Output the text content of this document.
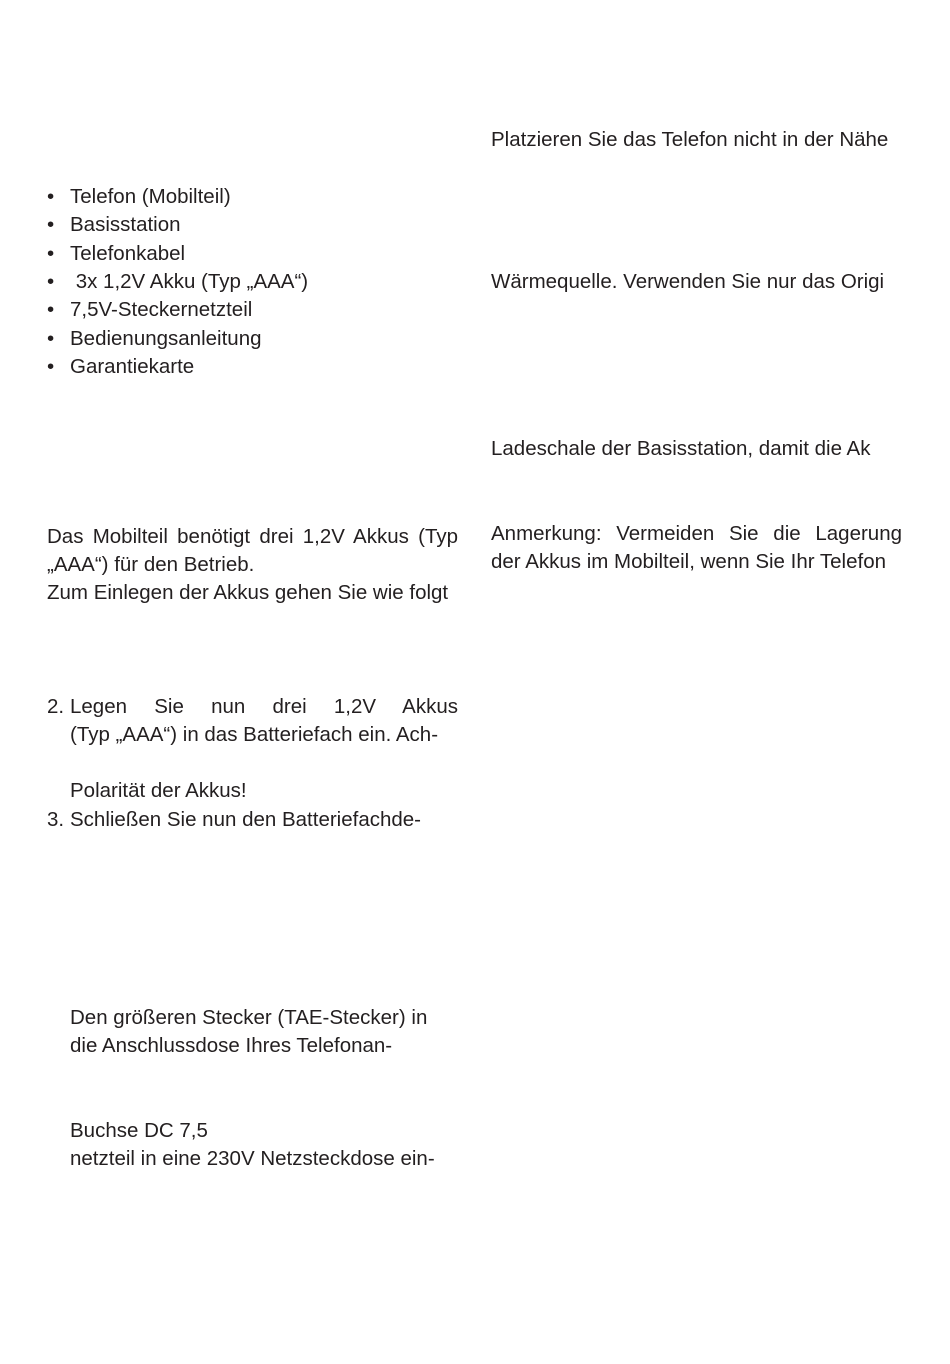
Platzieren Sie das Telefon nicht in der Nähe

Wärmequelle. Verwenden Sie nur das Origi

Ladeschale der Basisstation, damit die Ak

Anmerkung: Vermeiden Sie die Lagerung

der Akkus im Mobilteil, wenn Sie Ihr Telefon

• Telefon (Mobilteil)
• Basisstation
• Telefonkabel
• 3x 1,2V Akku (Typ „AAA“)
• 7,5V-Steckernetzteil
• Bedienungsanleitung
• Garantiekarte

Das Mobilteil benötigt drei 1,2V Akkus (Typ

„AAA“) für den Betrieb.

Zum Einlegen der Akkus gehen Sie wie folgt

2. Legen Sie nun drei 1,2V Akkus

(Typ „AAA“) in das Batteriefach ein. Ach-

Polarität der Akkus!

3. Schließen Sie nun den Batteriefachde-

Den größeren Stecker (TAE-Stecker) in

die Anschlussdose Ihres Telefonan-

Buchse DC 7,5

netzteil in eine 230V Netzsteckdose ein-
